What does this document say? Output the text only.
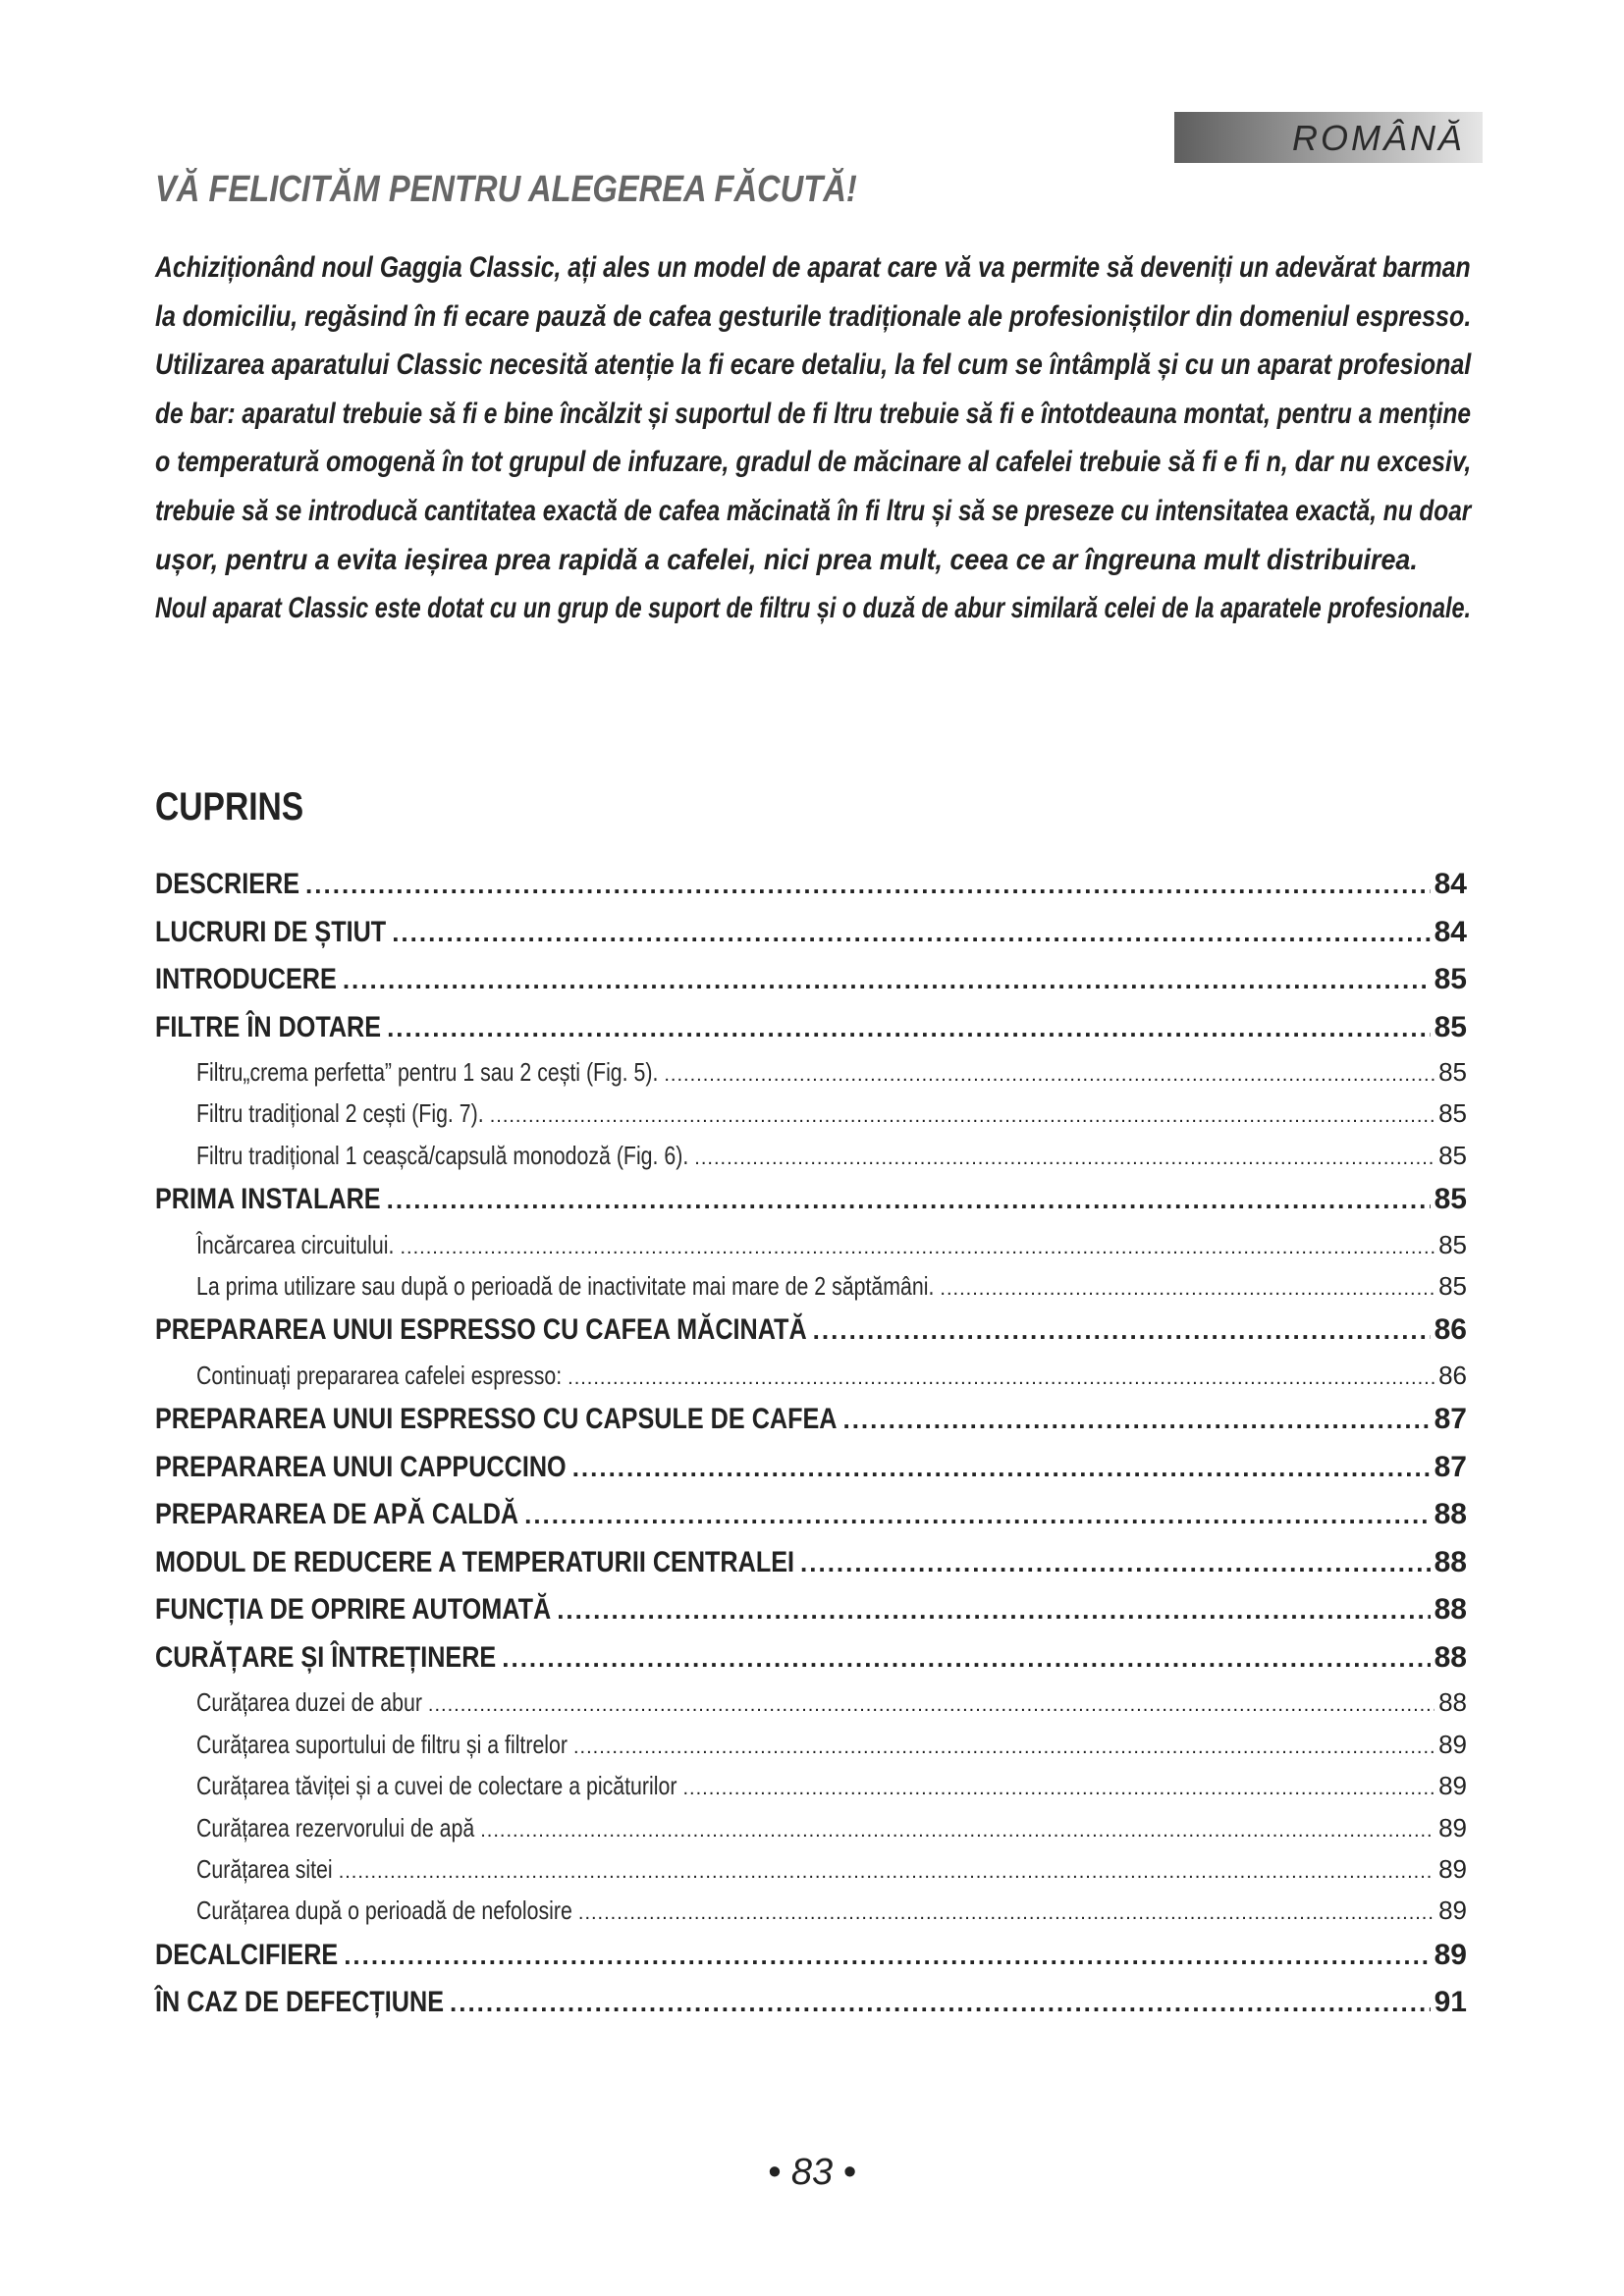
ROMÂNĂ
VĂ FELICITĂM PENTRU ALEGEREA FĂCUTĂ!
Achiziționând noul Gaggia Classic, ați ales un model de aparat care vă va permite să deveniți un adevărat barman
la domiciliu, regăsind în fi ecare pauză de cafea gesturile tradiționale ale profesioniștilor din domeniul espresso.
Utilizarea aparatului Classic necesită atenție la fi ecare detaliu, la fel cum se întâmplă și cu un aparat profesional
de bar: aparatul trebuie să fi e bine încălzit și suportul de fi ltru trebuie să fi e întotdeauna montat, pentru a menține
o temperatură omogenă în tot grupul de infuzare, gradul de măcinare al cafelei trebuie să fi e fi n, dar nu excesiv,
trebuie să se introducă cantitatea exactă de cafea măcinată în fi ltru și să se preseze cu intensitatea exactă, nu doar
ușor, pentru a evita ieșirea prea rapidă a cafelei, nici prea mult, ceea ce ar îngreuna mult distribuirea.
Noul aparat Classic este dotat cu un grup de suport de filtru și o duză de abur similară celei de la aparatele profesionale.
CUPRINS
DESCRIERE .....	84
LUCRURI DE ȘTIUT .....	84
INTRODUCERE .....	85
FILTRE ÎN DOTARE .....	85
Filtru„crema perfetta” pentru 1 sau 2 cești (Fig. 5). .....	85
Filtru tradițional 2 cești (Fig. 7). .....	85
Filtru tradițional 1 ceașcă/capsulă monodoză (Fig. 6). .....	85
PRIMA INSTALARE .....	85
Încărcarea circuitului. .....	85
La prima utilizare sau după o perioadă de inactivitate mai mare de 2 săptămâni. .....	85
PREPARAREA UNUI ESPRESSO CU CAFEA MĂCINATĂ .....	86
Continuați prepararea cafelei espresso: .....	86
PREPARAREA UNUI ESPRESSO CU CAPSULE DE CAFEA .....	87
PREPARAREA UNUI CAPPUCCINO .....	87
PREPARAREA DE APĂ CALDĂ .....	88
MODUL DE REDUCERE A TEMPERATURII CENTRALEI .....	88
FUNCȚIA DE OPRIRE AUTOMATĂ .....	88
CURĂȚARE ȘI ÎNTREȚINERE .....	88
Curățarea duzei de abur .....	88
Curățarea suportului de filtru și a filtrelor .....	89
Curățarea tăviței și a cuvei de colectare a picăturilor .....	89
Curățarea rezervorului de apă .....	89
Curățarea sitei .....	89
Curățarea după o perioadă de nefolosire .....	89
DECALCIFIERE .....	89
ÎN CAZ DE DEFECȚIUNE .....	91
• 83 •
